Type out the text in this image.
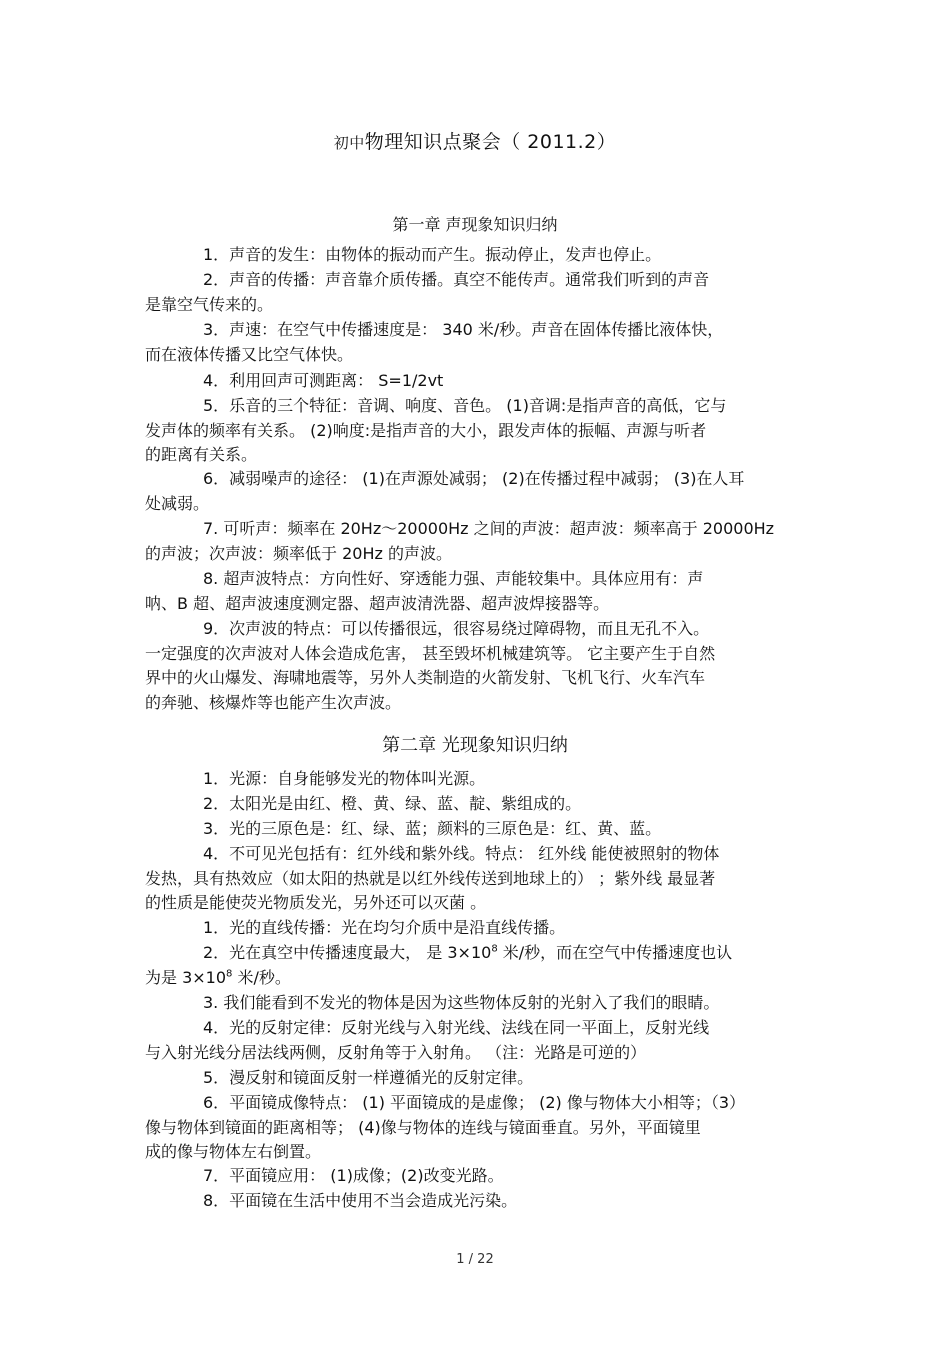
初中物理知识点聚会（ 2011.2）
第一章 声现象知识归纳
1．声音的发生：由物体的振动而产生。振动停止，发声也停止。
2．声音的传播：声音靠介质传播。真空不能传声。通常我们听到的声音
是靠空气传来的。
3．声速：在空气中传播速度是： 340 米/秒。声音在固体传播比液体快，
而在液体传播又比空气体快。
4．利用回声可测距离： S=1/2vt
5．乐音的三个特征：音调、响度、音色。 (1)音调:是指声音的高低，它与
发声体的频率有关系。 (2)响度:是指声音的大小，跟发声体的振幅、声源与听者
的距离有关系。
6．减弱噪声的途径： (1)在声源处减弱； (2)在传播过程中减弱； (3)在人耳
处减弱。
7. 可听声：频率在 20Hz～20000Hz 之间的声波：超声波：频率高于 20000Hz
的声波；次声波：频率低于 20Hz 的声波。
8. 超声波特点：方向性好、穿透能力强、声能较集中。具体应用有：声
呐、B 超、超声波速度测定器、超声波清洗器、超声波焊接器等。
9．次声波的特点：可以传播很远，很容易绕过障碍物，而且无孔不入。
一定强度的次声波对人体会造成危害， 甚至毁坏机械建筑等。 它主要产生于自然
界中的火山爆发、海啸地震等，另外人类制造的火箭发射、飞机飞行、火车汽车
的奔驰、核爆炸等也能产生次声波。
第二章 光现象知识归纳
1．光源：自身能够发光的物体叫光源。
2．太阳光是由红、橙、黄、绿、蓝、靛、紫组成的。
3．光的三原色是：红、绿、蓝；颜料的三原色是：红、黄、蓝。
4．不可见光包括有：红外线和紫外线。特点： 红外线 能使被照射的物体
发热，具有热效应（如太阳的热就是以红外线传送到地球上的） ；紫外线 最显著
的性质是能使荧光物质发光，另外还可以灭菌 。
1．光的直线传播：光在均匀介质中是沿直线传播。
2．光在真空中传播速度最大， 是 $3\times 10^8$ 米/秒，而在空气中传播速度也认
为是 $3\times 10^8$ 米/秒。
3. 我们能看到不发光的物体是因为这些物体反射的光射入了我们的眼睛。
4．光的反射定律：反射光线与入射光线、法线在同一平面上，反射光线
与入射光线分居法线两侧，反射角等于入射角。 （注：光路是可逆的）
5．漫反射和镜面反射一样遵循光的反射定律。
6．平面镜成像特点： (1) 平面镜成的是虚像； (2) 像与物体大小相等；（3）
像与物体到镜面的距离相等； (4)像与物体的连线与镜面垂直。另外，平面镜里
成的像与物体左右倒置。
7．平面镜应用： (1)成像；(2)改变光路。
8．平面镜在生活中使用不当会造成光污染。
1 / 22
